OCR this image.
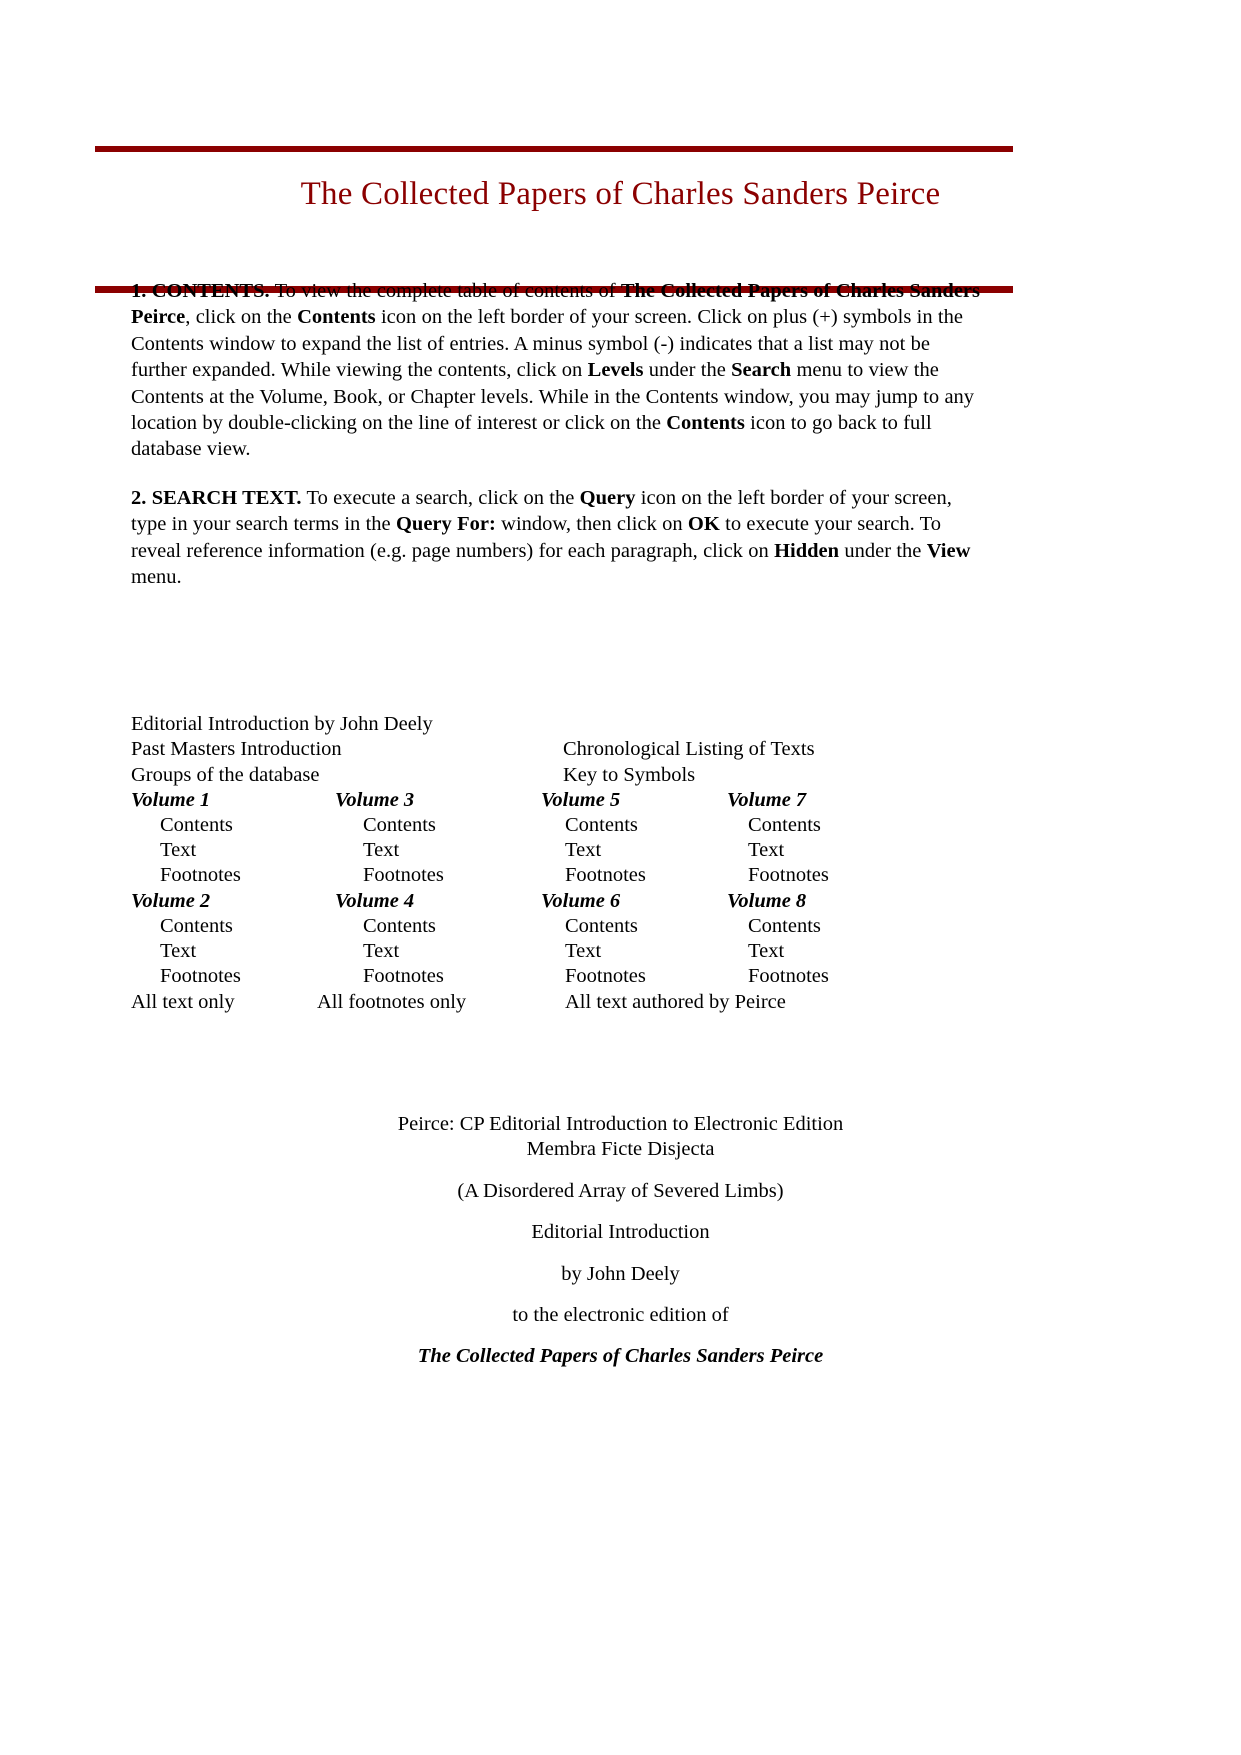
The Collected Papers of Charles Sanders Peirce

1. CONTENTS. To view the complete table of contents of The Collected Papers of Charles Sanders Peirce, click on the Contents icon on the left border of your screen. Click on plus (+) symbols in the Contents window to expand the list of entries. A minus symbol (-) indicates that a list may not be further expanded. While viewing the contents, click on Levels under the Search menu to view the Contents at the Volume, Book, or Chapter levels. While in the Contents window, you may jump to any location by double-clicking on the line of interest or click on the Contents icon to go back to full database view.

2. SEARCH TEXT. To execute a search, click on the Query icon on the left border of your screen, type in your search terms in the Query For: window, then click on OK to execute your search. To reveal reference information (e.g. page numbers) for each paragraph, click on Hidden under the View menu.

Editorial Introduction by John Deely
Past Masters Introduction	Chronological Listing of Texts
Groups of the database	Key to Symbols
Volume 1	Volume 3	Volume 5	Volume 7
Contents	Contents	Contents	Contents
Text	Text	Text	Text
Footnotes	Footnotes	Footnotes	Footnotes
Volume 2	Volume 4	Volume 6	Volume 8
Contents	Contents	Contents	Contents
Text	Text	Text	Text
Footnotes	Footnotes	Footnotes	Footnotes
All text only	All footnotes only	All text authored by Peirce
Peirce: CP Editorial Introduction to Electronic Edition
Membra Ficte Disjecta
(A Disordered Array of Severed Limbs)
Editorial Introduction
by John Deely
to the electronic edition of
The Collected Papers of Charles Sanders Peirce
